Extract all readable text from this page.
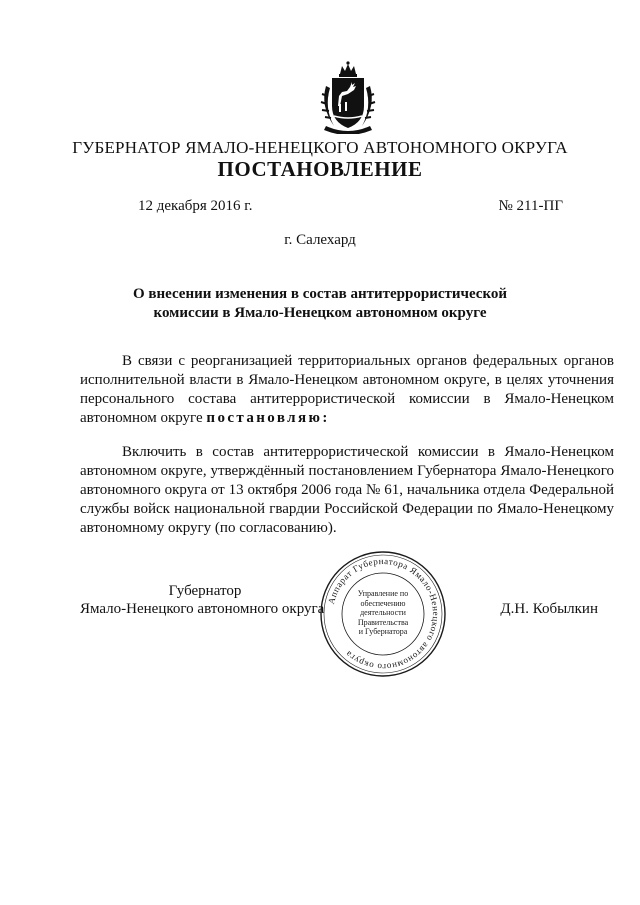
ГУБЕРНАТОР ЯМАЛО-НЕНЕЦКОГО АВТОНОМНОГО ОКРУГА
ПОСТАНОВЛЕНИЕ
12 декабря 2016 г.	№ 211-ПГ
г. Салехард
О внесении изменения в состав антитеррористической
комиссии в Ямало-Ненецком автономном округе
В связи с реорганизацией территориальных органов федеральных органов исполнительной власти в Ямало-Ненецком автономном округе, в целях уточнения персонального состава антитеррористической комиссии в Ямало-Ненецком автономном округе постановляю:
Включить в состав антитеррористической комиссии в Ямало-Ненецком автономном округе, утверждённый постановлением Губернатора Ямало-Ненецкого автономного округа от 13 октября 2006 года № 61, начальника отдела Федеральной службы войск национальной гвардии Российской Федерации по Ямало-Ненецкому автономному округу (по согласованию).
Губернатор
Ямало-Ненецкого автономного округа	Д.Н. Кобылкин
Аппарат Губернатора Ямало-Ненецкого автономного округа
Управление по
обеспечению
деятельности
Правительства
и Губернатора
